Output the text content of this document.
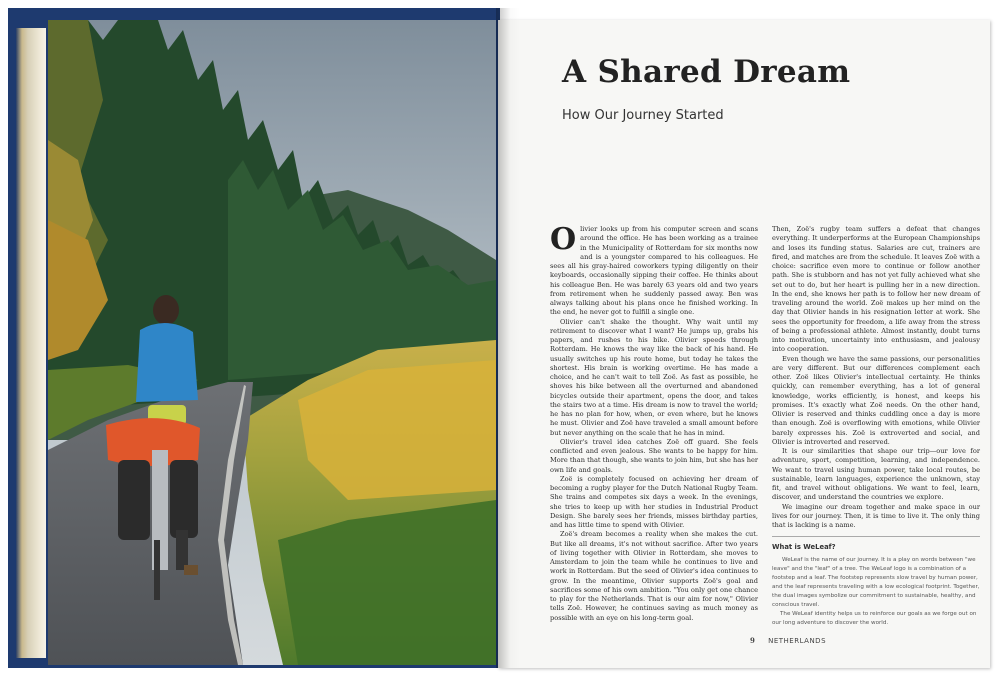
A Shared Dream
How Our Journey Started

Olivier looks up from his computer screen and scans around the office. He has been working as a trainee in the Municipality of Rotterdam for six months now and is a youngster compared to his colleagues. He sees all his gray-haired coworkers typing diligently on their keyboards, occasionally sipping their coffee. He thinks about his colleague Ben. He was barely 63 years old and two years from retirement when he suddenly passed away. Ben was always talking about his plans once he finished working. In the end, he never got to fulfill a single one.

Olivier can't shake the thought. Why wait until my retirement to discover what I want? He jumps up, grabs his papers, and rushes to his bike. Olivier speeds through Rotterdam. He knows the way like the back of his hand. He usually switches up his route home, but today he takes the shortest. His brain is working overtime. He has made a choice, and he can't wait to tell Zoë. As fast as possible, he shoves his bike between all the overturned and abandoned bicycles outside their apartment, opens the door, and takes the stairs two at a time. His dream is now to travel the world; he has no plan for how, when, or even where, but he knows he must. Olivier and Zoë have traveled a small amount before but never anything on the scale that he has in mind.

Olivier's travel idea catches Zoë off guard. She feels conflicted and even jealous. She wants to be happy for him. More than that though, she wants to join him, but she has her own life and goals.

Zoë is completely focused on achieving her dream of becoming a rugby player for the Dutch National Rugby Team. She trains and competes six days a week. In the evenings, she tries to keep up with her studies in Industrial Product Design. She barely sees her friends, misses birthday parties, and has little time to spend with Olivier.

Zoë's dream becomes a reality when she makes the cut. But like all dreams, it's not without sacrifice. After two years of living together with Olivier in Rotterdam, she moves to Amsterdam to join the team while he continues to live and work in Rotterdam. But the seed of Olivier's idea continues to grow. In the meantime, Olivier supports Zoë's goal and sacrifices some of his own ambition. "You only get one chance to play for the Netherlands. That is our aim for now," Olivier tells Zoë. However, he continues saving as much money as possible with an eye on his long-term goal.

Then, Zoë's rugby team suffers a defeat that changes everything. It underperforms at the European Championships and loses its funding status. Salaries are cut, trainers are fired, and matches are from the schedule. It leaves Zoë with a choice: sacrifice even more to continue or follow another path. She is stubborn and has not yet fully achieved what she set out to do, but her heart is pulling her in a new direction. In the end, she knows her path is to follow her new dream of traveling around the world. Zoë makes up her mind on the day that Olivier hands in his resignation letter at work. She sees the opportunity for freedom, a life away from the stress of being a professional athlete. Almost instantly, doubt turns into motivation, uncertainty into enthusiasm, and jealousy into cooperation.

Even though we have the same passions, our personalities are very different. But our differences complement each other. Zoë likes Olivier's intellectual certainty. He thinks quickly, can remember everything, has a lot of general knowledge, works efficiently, is honest, and keeps his promises. It's exactly what Zoë needs. On the other hand, Olivier is reserved and thinks cuddling once a day is more than enough. Zoë is overflowing with emotions, while Olivier barely expresses his. Zoë is extroverted and social, and Olivier is introverted and reserved.

It is our similarities that shape our trip—our love for adventure, sport, competition, learning, and independence. We want to travel using human power, take local routes, be sustainable, learn languages, experience the unknown, stay fit, and travel without obligations. We want to feel, learn, discover, and understand the countries we explore.

We imagine our dream together and make space in our lives for our journey. Then, it is time to live it. The only thing that is lacking is a name.

What is WeLeaf?

WeLeaf is the name of our journey. It is a play on words between "we leave" and the "leaf" of a tree. The WeLeaf logo is a combination of a footstep and a leaf. The footstep represents slow travel by human power, and the leaf represents traveling with a low ecological footprint. Together, the dual images symbolize our commitment to sustainable, healthy, and conscious travel.

The WeLeaf identity helps us to reinforce our goals as we forge out on our long adventure to discover the world.

9 NETHERLANDS
